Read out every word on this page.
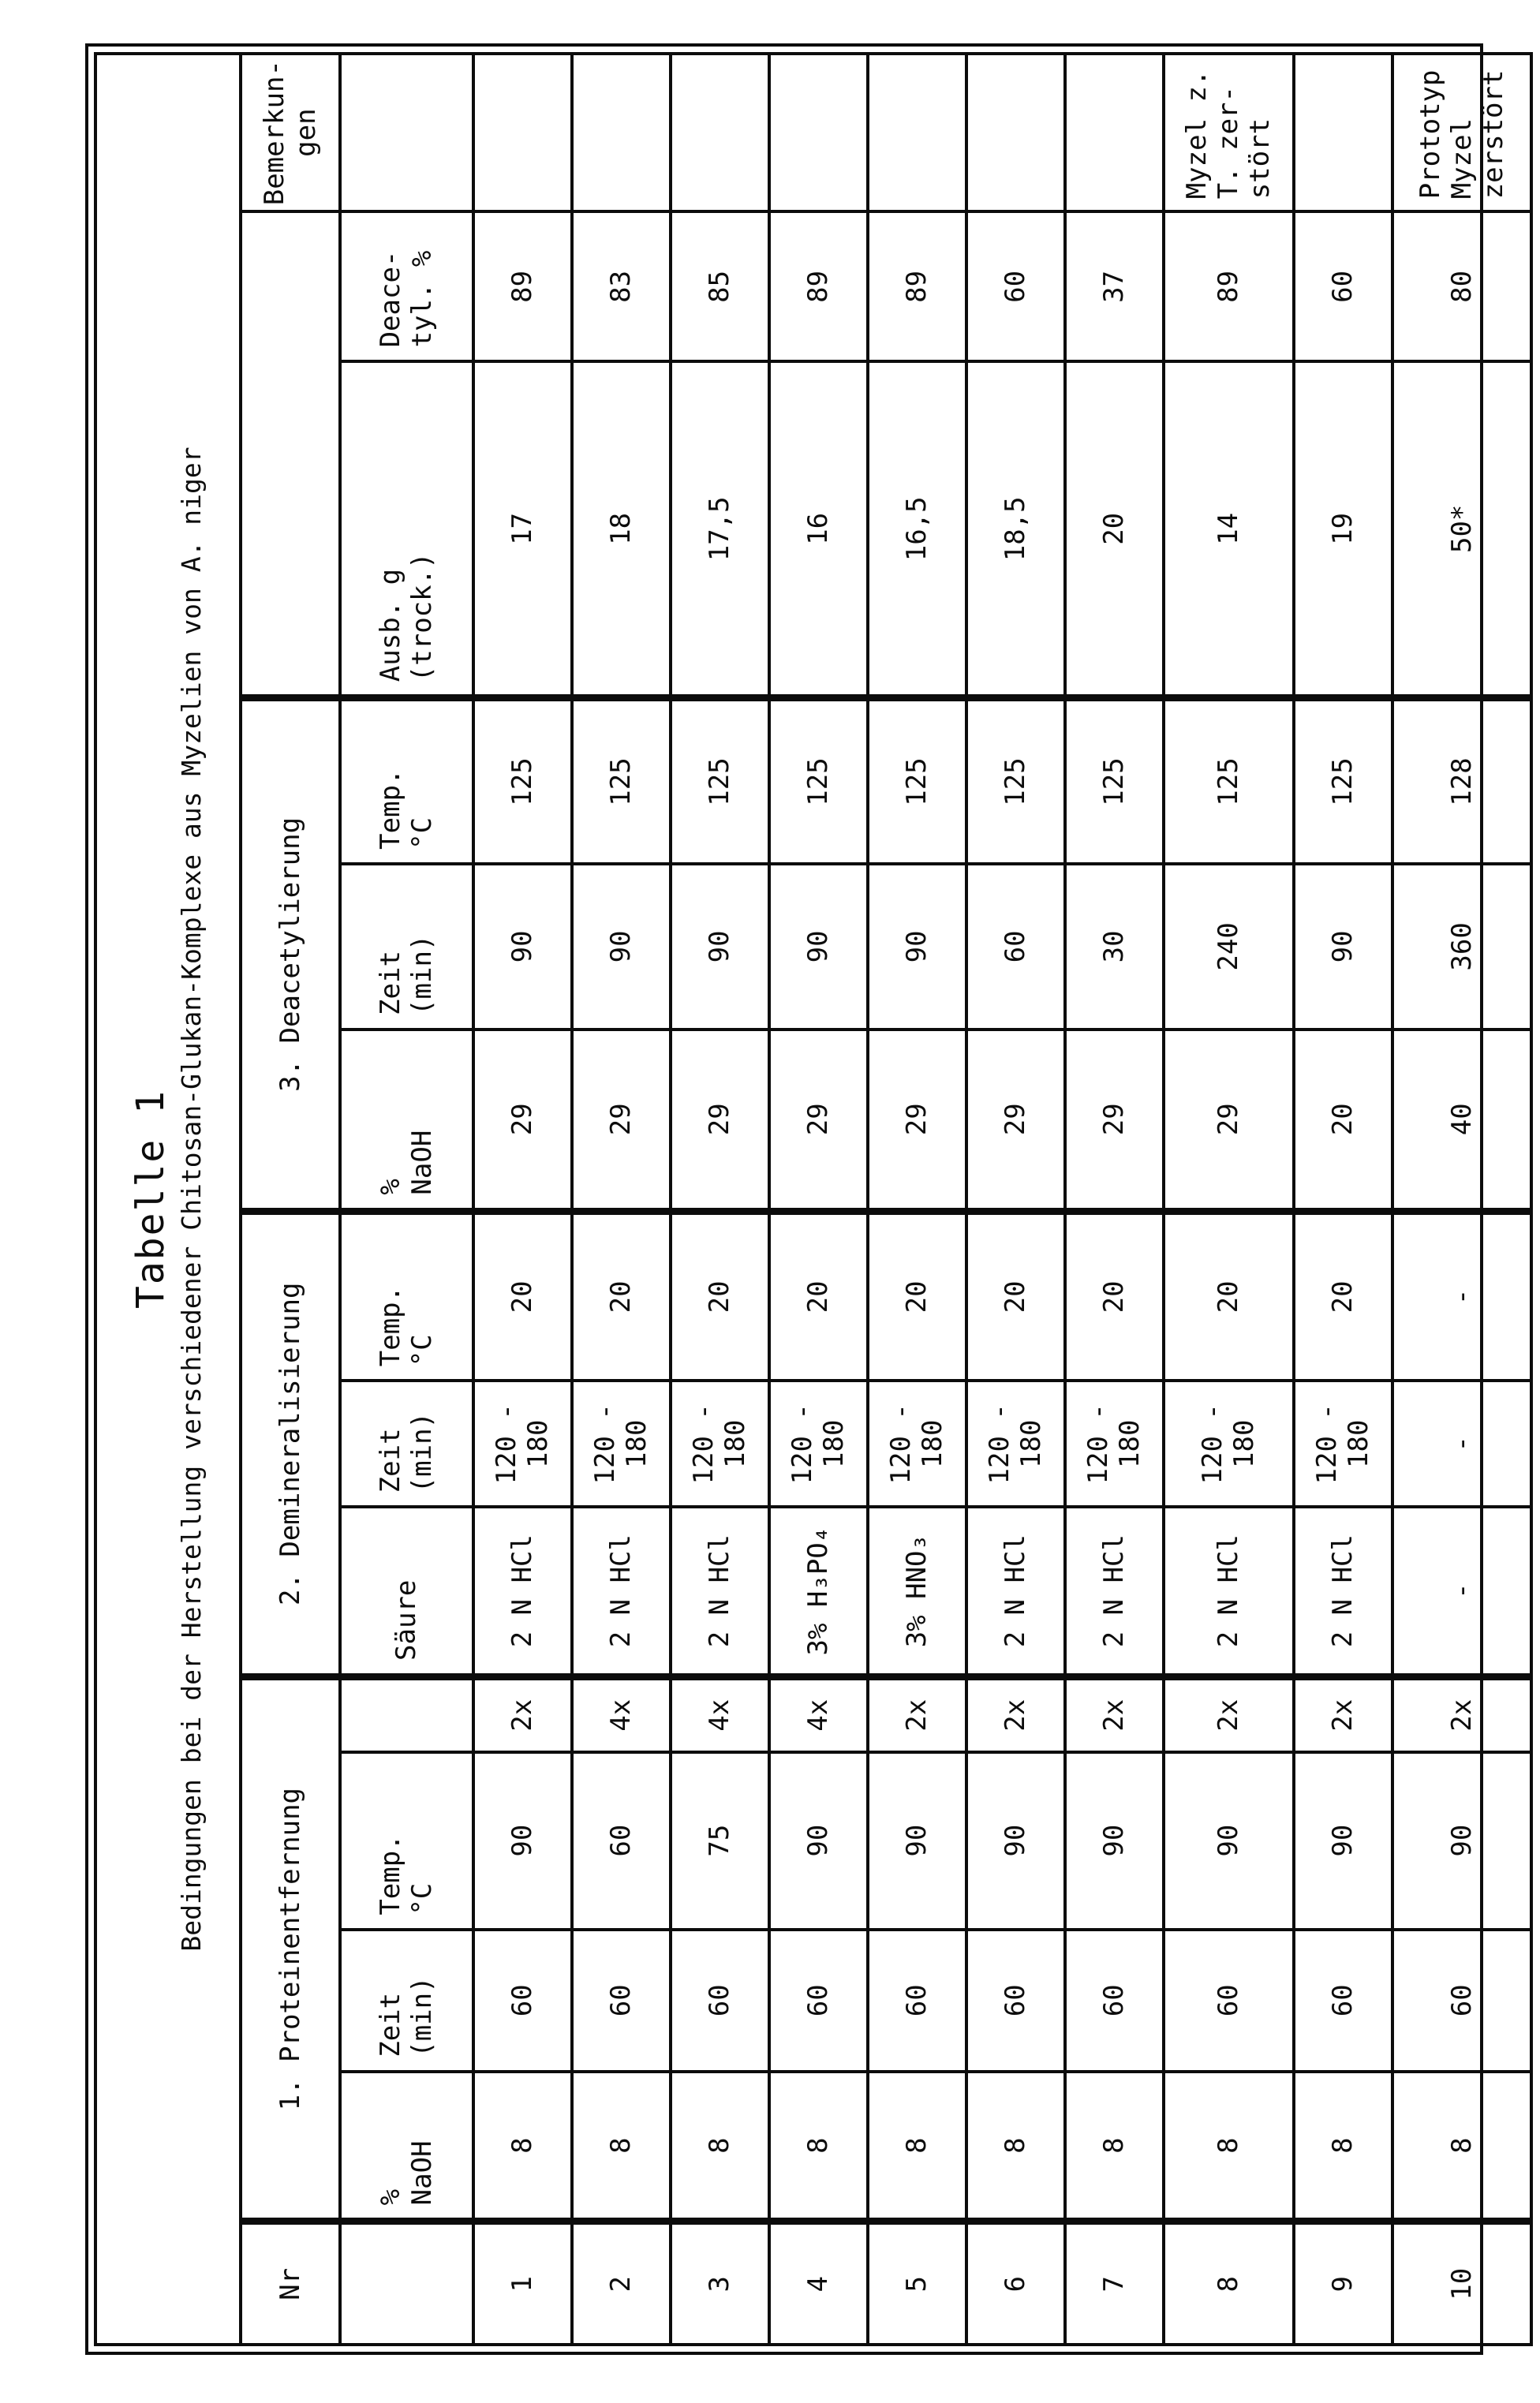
Tabelle 1 Bedingungen bei der Herstellung verschiedener Chitosan-Glukan-Komplexe aus Myzelien von A. niger													

Nr	1. Proteinentfernung				2. Demineralisierung			3. Deacetylierung					Bemerkun-
gen
	%
NaOH	Zeit
(min)	Temp.
°C		Säure	Zeit
(min)	Temp.
°C	%
NaOH	Zeit
(min)	Temp.
°C	Ausb. g
(trock.)	Deace-
tyl. %	
1	8	60	90	2x	2 N HCl	120 -
180	20	29	90	125	17	89	
2	8	60	60	4x	2 N HCl	120 -
180	20	29	90	125	18	83	
3	8	60	75	4x	2 N HCl	120 -
180	20	29	90	125	17,5	85	
4	8	60	90	4x	3% H₃PO₄	120 -
180	20	29	90	125	16	89	
5	8	60	90	2x	3% HNO₃	120 -
180	20	29	90	125	16,5	89	
6	8	60	90	2x	2 N HCl	120 -
180	20	29	60	125	18,5	60	
7	8	60	90	2x	2 N HCl	120 -
180	20	29	30	125	20	37	
8	8	60	90	2x	2 N HCl	120 -
180	20	29	240	125	14	89	Myzel z.
T. zer-
stört
9	8	60	90	2x	2 N HCl	120 -
180	20	20	90	125	19	60	
10	8	60	90	2x	-	-	-	40	360	128	50*	80	Prototyp
Myzel
zerstört
